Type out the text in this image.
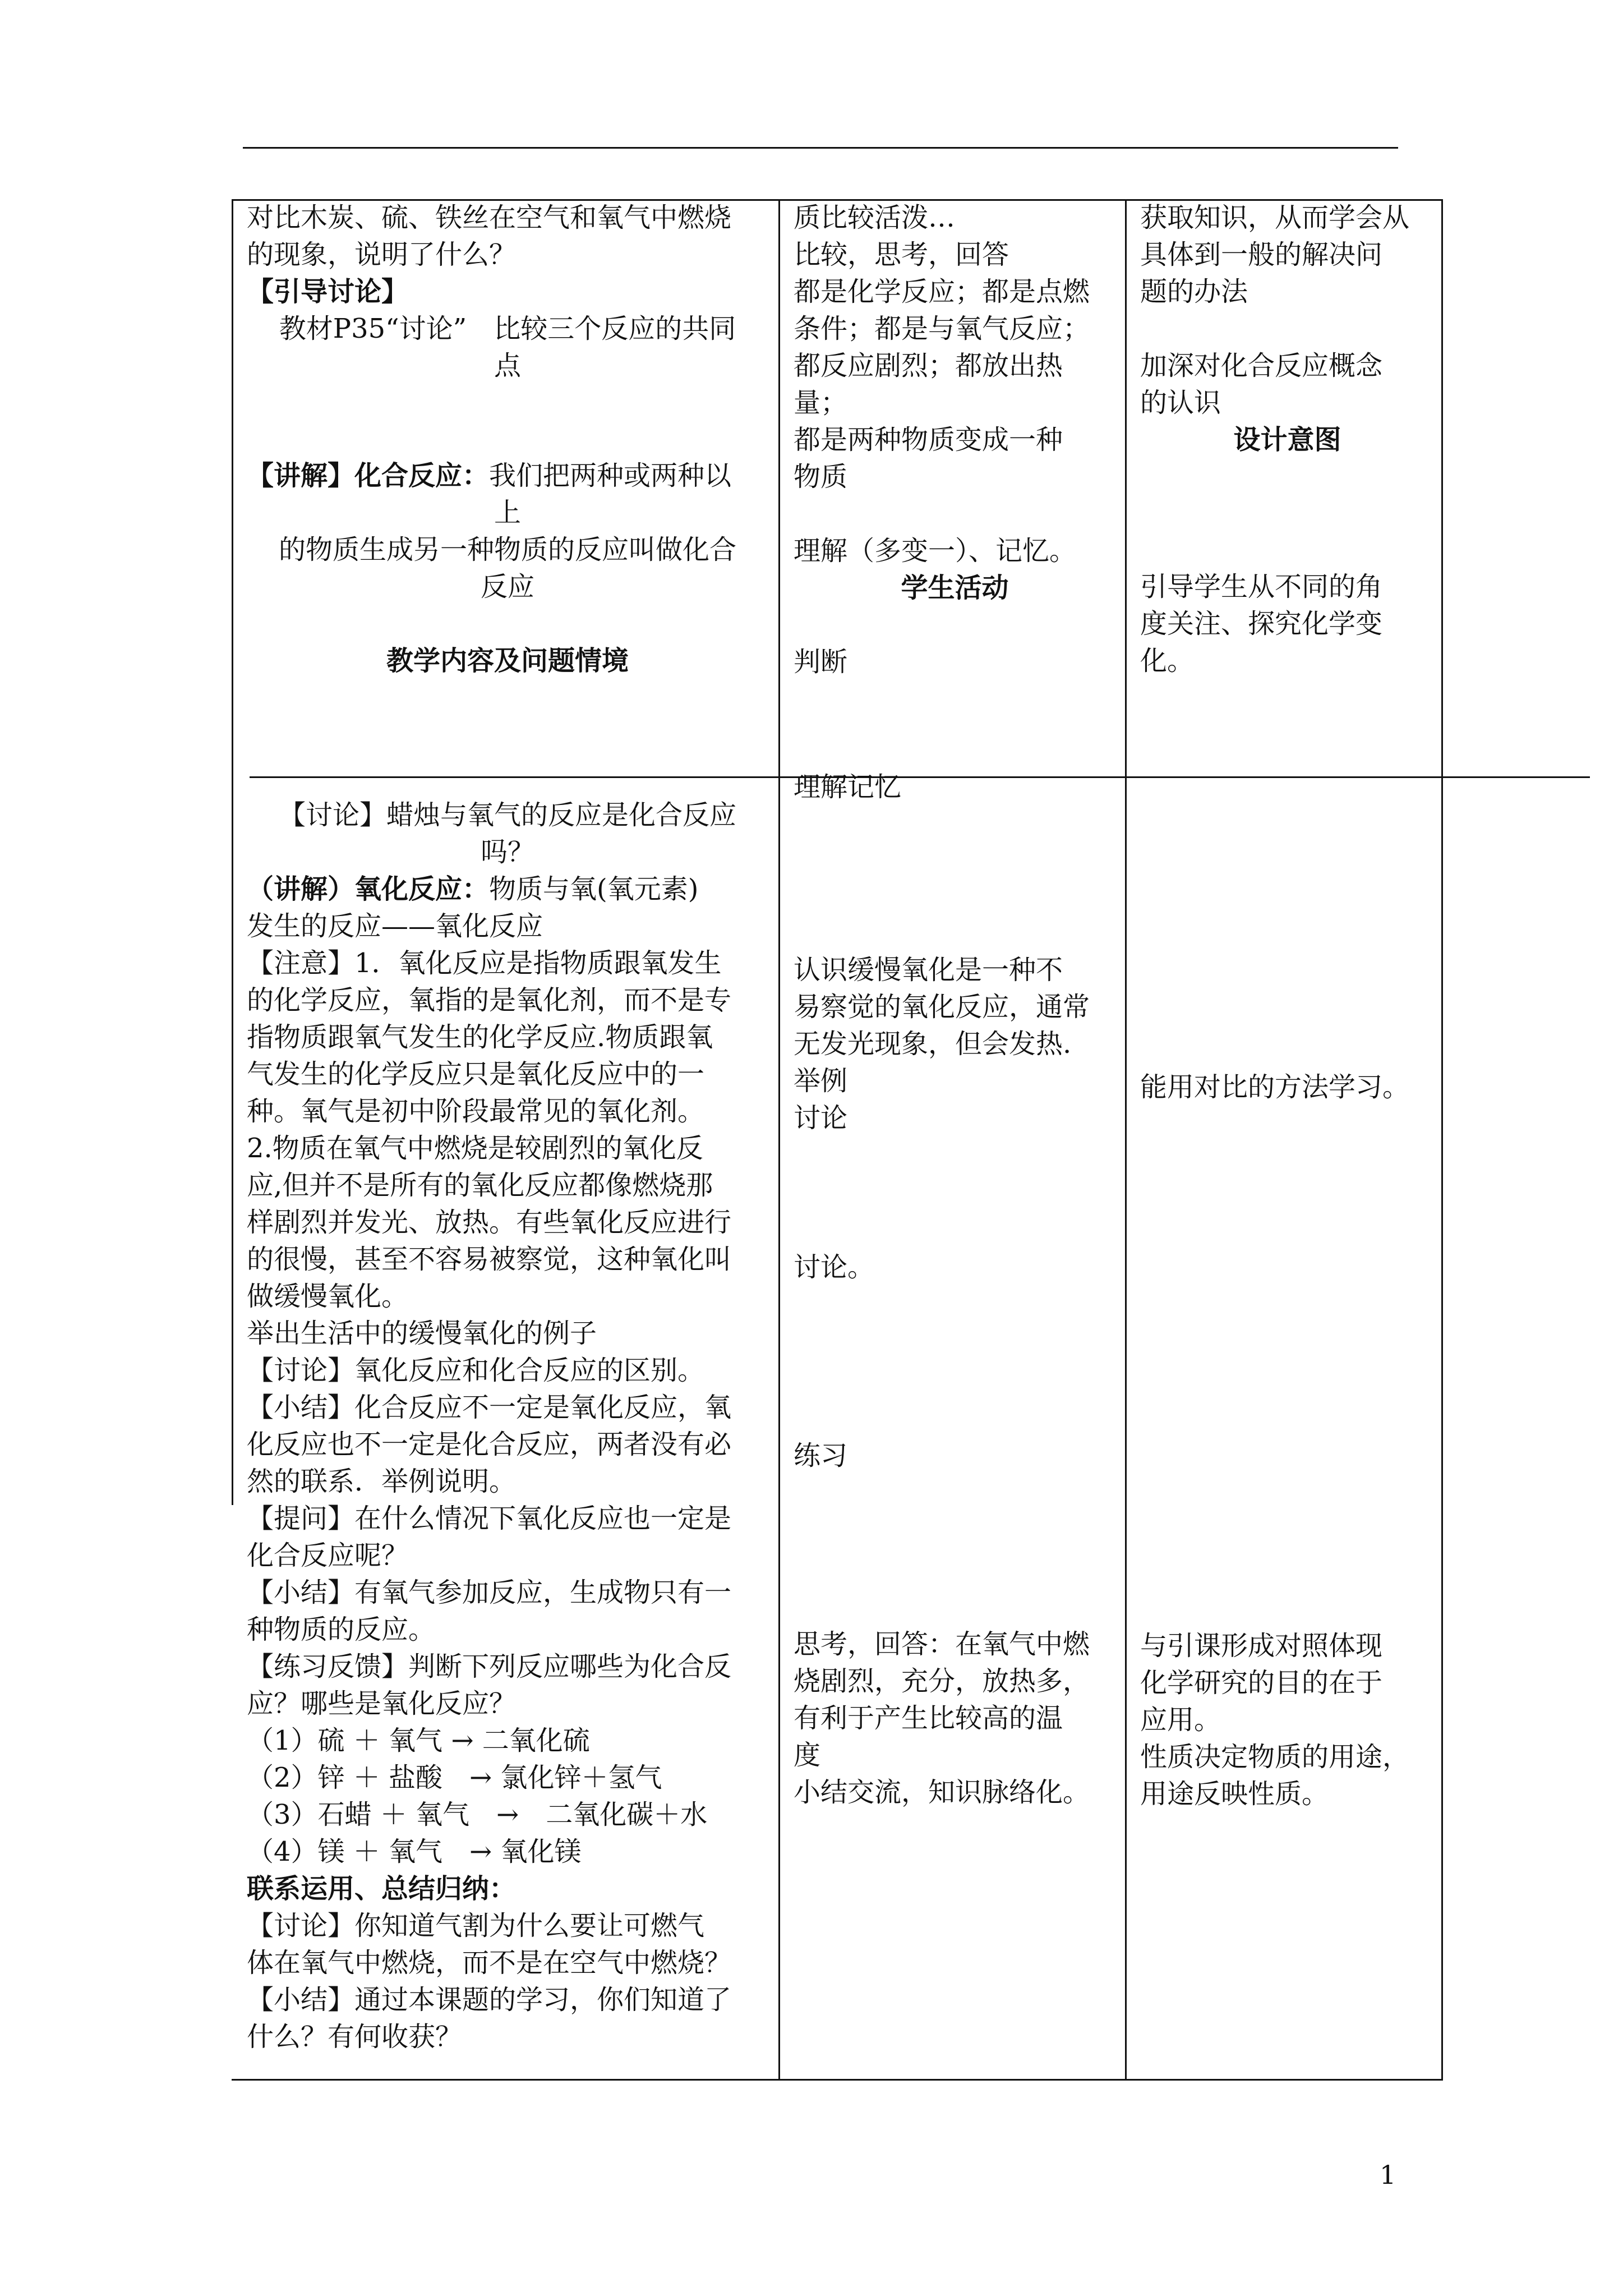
对比木炭、硫、铁丝在空气和氧气中燃烧

的现象，说明了什么？

【引导讨论】

教材P35“讨论”　比较三个反应的共同

点

【讲解】化合反应：我们把两种或两种以

上

的物质生成另一种物质的反应叫做化合

反应

教学内容及问题情境

质比较活泼…

比较，思考，回答

都是化学反应；都是点燃

条件；都是与氧气反应；

都反应剧烈；都放出热量；

都是两种物质变成一种

物质

理解（多变一）、记忆。

学生活动

判断

获取知识，从而学会从

具体到一般的解决问

题的办法

加深对化合反应概念

的认识

设计意图

引导学生从不同的角

度关注、探究化学变化。

【讨论】蜡烛与氧气的反应是化合反应

吗？

（讲解）氧化反应：物质与氧(氧元素)

发生的反应——氧化反应

【注意】1．氧化反应是指物质跟氧发生

的化学反应，氧指的是氧化剂，而不是专

指物质跟氧气发生的化学反应.物质跟氧

气发生的化学反应只是氧化反应中的一

种。氧气是初中阶段最常见的氧化剂。

2.物质在氧气中燃烧是较剧烈的氧化反

应,但并不是所有的氧化反应都像燃烧那

样剧烈并发光、放热。有些氧化反应进行

的很慢，甚至不容易被察觉，这种氧化叫

做缓慢氧化。

举出生活中的缓慢氧化的例子

【讨论】氧化反应和化合反应的区别。

【小结】化合反应不一定是氧化反应，氧

化反应也不一定是化合反应，两者没有必

然的联系．举例说明。

【提问】在什么情况下氧化反应也一定是

化合反应呢？

【小结】有氧气参加反应，生成物只有一

种物质的反应。

【练习反馈】判断下列反应哪些为化合反

应？哪些是氧化反应？

（1）硫 ＋ 氧气 → 二氧化硫

（2）锌 ＋ 盐酸　→ 氯化锌＋氢气

（3）石蜡 ＋ 氧气　→　二氧化碳＋水

（4）镁 ＋ 氧气　→ 氧化镁

联系运用、总结归纳：

【讨论】你知道气割为什么要让可燃气

体在氧气中燃烧，而不是在空气中燃烧？

【小结】通过本课题的学习，你们知道了

什么？有何收获？

理解记忆

认识缓慢氧化是一种不

易察觉的氧化反应，通常

无发光现象，但会发热.

举例

讨论

讨论。

练习

思考，回答：在氧气中燃

烧剧烈，充分，放热多，

有利于产生比较高的温

度

小结交流，知识脉络化。

能用对比的方法学习。

与引课形成对照体现

化学研究的目的在于

应用。

性质决定物质的用途，

用途反映性质。

1
